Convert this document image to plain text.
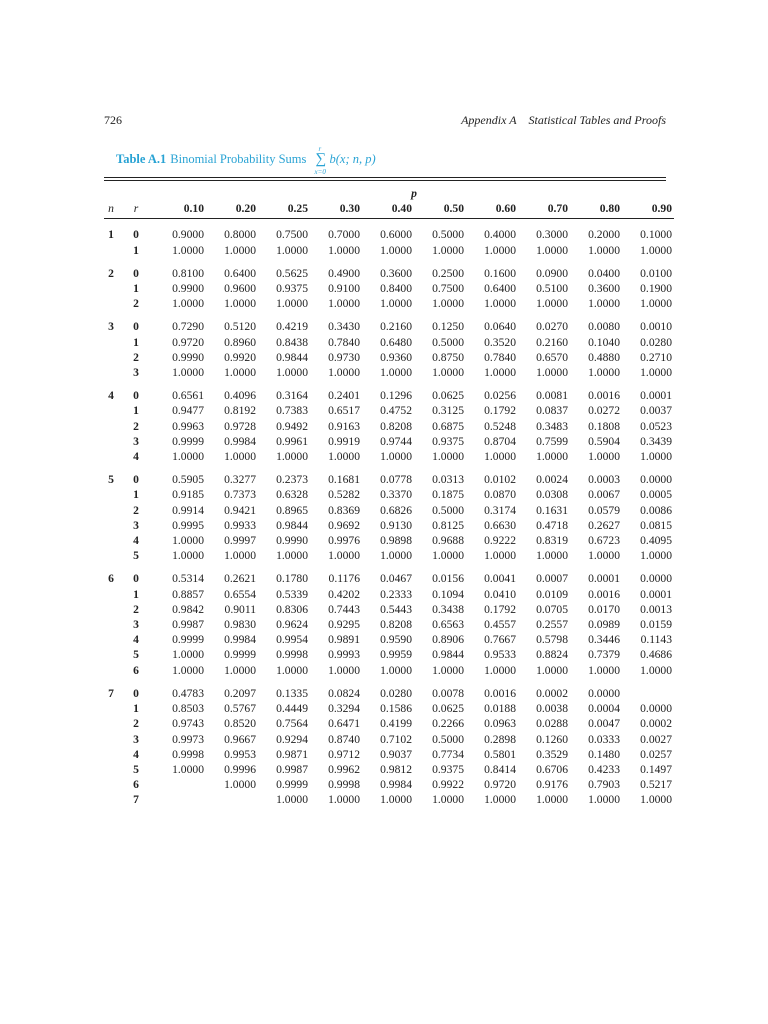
726	Appendix A Statistical Tables and Proofs
Table A.1 Binomial Probability Sums
r
∑
x=0
b(x; n, p)
		p									
n	r	0.10	0.20	0.25	0.30	0.40	0.50	0.60	0.70	0.80	0.90

1	0	0.9000	0.8000	0.7500	0.7000	0.6000	0.5000	0.4000	0.3000	0.2000	0.1000
	1	1.0000	1.0000	1.0000	1.0000	1.0000	1.0000	1.0000	1.0000	1.0000	1.0000
2	0	0.8100	0.6400	0.5625	0.4900	0.3600	0.2500	0.1600	0.0900	0.0400	0.0100
	1	0.9900	0.9600	0.9375	0.9100	0.8400	0.7500	0.6400	0.5100	0.3600	0.1900
	2	1.0000	1.0000	1.0000	1.0000	1.0000	1.0000	1.0000	1.0000	1.0000	1.0000
3	0	0.7290	0.5120	0.4219	0.3430	0.2160	0.1250	0.0640	0.0270	0.0080	0.0010
	1	0.9720	0.8960	0.8438	0.7840	0.6480	0.5000	0.3520	0.2160	0.1040	0.0280
	2	0.9990	0.9920	0.9844	0.9730	0.9360	0.8750	0.7840	0.6570	0.4880	0.2710
	3	1.0000	1.0000	1.0000	1.0000	1.0000	1.0000	1.0000	1.0000	1.0000	1.0000
4	0	0.6561	0.4096	0.3164	0.2401	0.1296	0.0625	0.0256	0.0081	0.0016	0.0001
	1	0.9477	0.8192	0.7383	0.6517	0.4752	0.3125	0.1792	0.0837	0.0272	0.0037
	2	0.9963	0.9728	0.9492	0.9163	0.8208	0.6875	0.5248	0.3483	0.1808	0.0523
	3	0.9999	0.9984	0.9961	0.9919	0.9744	0.9375	0.8704	0.7599	0.5904	0.3439
	4	1.0000	1.0000	1.0000	1.0000	1.0000	1.0000	1.0000	1.0000	1.0000	1.0000
5	0	0.5905	0.3277	0.2373	0.1681	0.0778	0.0313	0.0102	0.0024	0.0003	0.0000
	1	0.9185	0.7373	0.6328	0.5282	0.3370	0.1875	0.0870	0.0308	0.0067	0.0005
	2	0.9914	0.9421	0.8965	0.8369	0.6826	0.5000	0.3174	0.1631	0.0579	0.0086
	3	0.9995	0.9933	0.9844	0.9692	0.9130	0.8125	0.6630	0.4718	0.2627	0.0815
	4	1.0000	0.9997	0.9990	0.9976	0.9898	0.9688	0.9222	0.8319	0.6723	0.4095
	5	1.0000	1.0000	1.0000	1.0000	1.0000	1.0000	1.0000	1.0000	1.0000	1.0000
6	0	0.5314	0.2621	0.1780	0.1176	0.0467	0.0156	0.0041	0.0007	0.0001	0.0000
	1	0.8857	0.6554	0.5339	0.4202	0.2333	0.1094	0.0410	0.0109	0.0016	0.0001
	2	0.9842	0.9011	0.8306	0.7443	0.5443	0.3438	0.1792	0.0705	0.0170	0.0013
	3	0.9987	0.9830	0.9624	0.9295	0.8208	0.6563	0.4557	0.2557	0.0989	0.0159
	4	0.9999	0.9984	0.9954	0.9891	0.9590	0.8906	0.7667	0.5798	0.3446	0.1143
	5	1.0000	0.9999	0.9998	0.9993	0.9959	0.9844	0.9533	0.8824	0.7379	0.4686
	6	1.0000	1.0000	1.0000	1.0000	1.0000	1.0000	1.0000	1.0000	1.0000	1.0000
7	0	0.4783	0.2097	0.1335	0.0824	0.0280	0.0078	0.0016	0.0002	0.0000	
	1	0.8503	0.5767	0.4449	0.3294	0.1586	0.0625	0.0188	0.0038	0.0004	0.0000
	2	0.9743	0.8520	0.7564	0.6471	0.4199	0.2266	0.0963	0.0288	0.0047	0.0002
	3	0.9973	0.9667	0.9294	0.8740	0.7102	0.5000	0.2898	0.1260	0.0333	0.0027
	4	0.9998	0.9953	0.9871	0.9712	0.9037	0.7734	0.5801	0.3529	0.1480	0.0257
	5	1.0000	0.9996	0.9987	0.9962	0.9812	0.9375	0.8414	0.6706	0.4233	0.1497
	6		1.0000	0.9999	0.9998	0.9984	0.9922	0.9720	0.9176	0.7903	0.5217
	7			1.0000	1.0000	1.0000	1.0000	1.0000	1.0000	1.0000	1.0000
